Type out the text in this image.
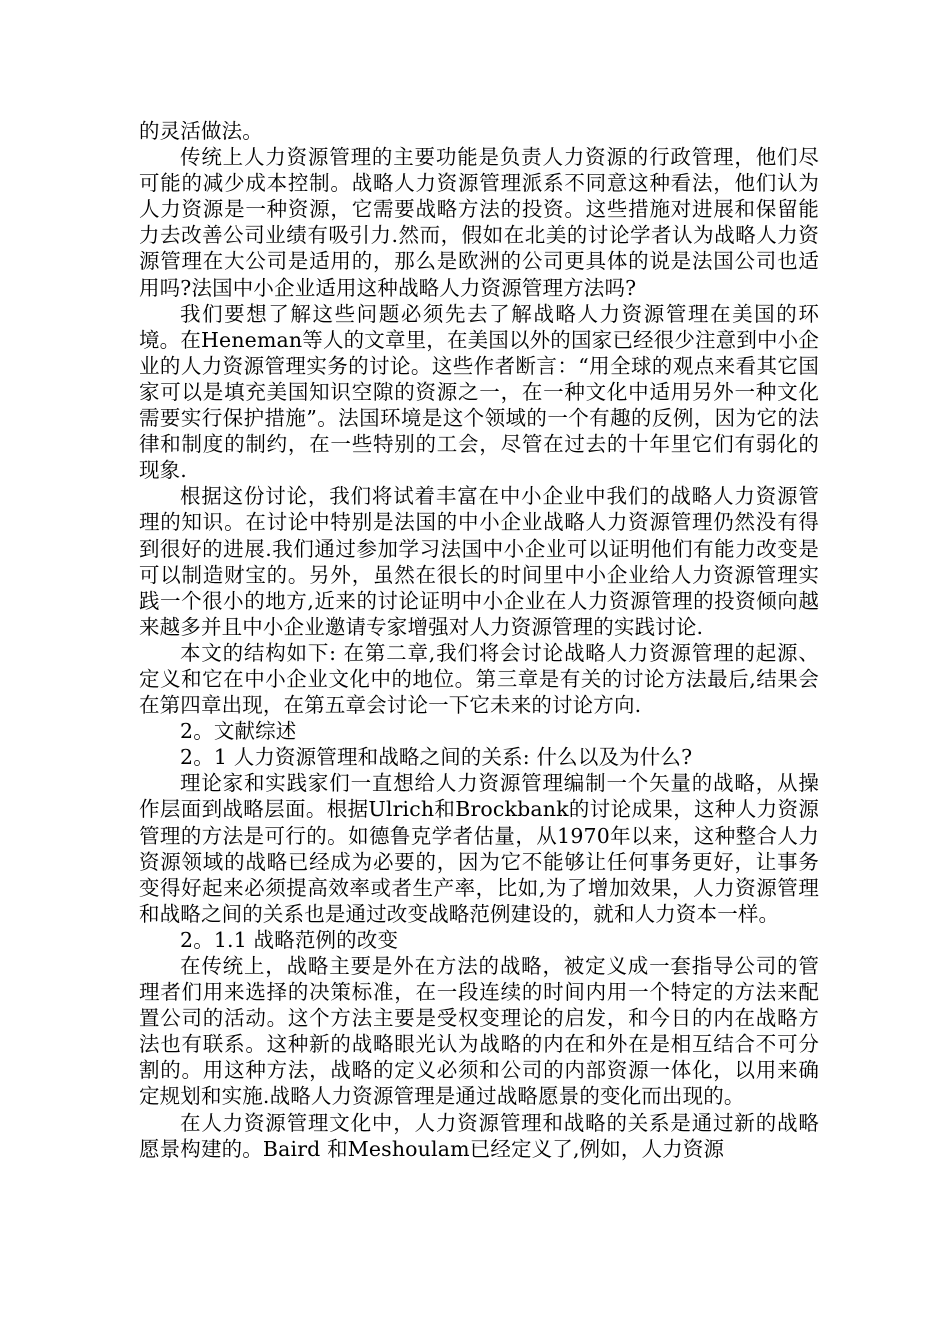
的灵活做法。

传统上人力资源管理的主要功能是负责人力资源的行政管理，他们尽可能的减少成本控制。战略人力资源管理派系不同意这种看法，他们认为人力资源是一种资源，它需要战略方法的投资。这些措施对进展和保留能力去改善公司业绩有吸引力.然而，假如在北美的讨论学者认为战略人力资源管理在大公司是适用的，那么是欧洲的公司更具体的说是法国公司也适用吗?法国中小企业适用这种战略人力资源管理方法吗?

我们要想了解这些问题必须先去了解战略人力资源管理在美国的环境。在Heneman等人的文章里，在美国以外的国家已经很少注意到中小企业的人力资源管理实务的讨论。这些作者断言：“用全球的观点来看其它国家可以是填充美国知识空隙的资源之一，在一种文化中适用另外一种文化需要实行保护措施”。法国环境是这个领域的一个有趣的反例，因为它的法律和制度的制约，在一些特别的工会，尽管在过去的十年里它们有弱化的现象.

根据这份讨论，我们将试着丰富在中小企业中我们的战略人力资源管理的知识。在讨论中特别是法国的中小企业战略人力资源管理仍然没有得到很好的进展.我们通过参加学习法国中小企业可以证明他们有能力改变是可以制造财宝的。另外，虽然在很长的时间里中小企业给人力资源管理实践一个很小的地方,近来的讨论证明中小企业在人力资源管理的投资倾向越来越多并且中小企业邀请专家增强对人力资源管理的实践讨论.

本文的结构如下: 在第二章,我们将会讨论战略人力资源管理的起源、定义和它在中小企业文化中的地位。第三章是有关的讨论方法最后,结果会在第四章出现，在第五章会讨论一下它未来的讨论方向.

2。文献综述

2。1 人力资源管理和战略之间的关系: 什么以及为什么?

理论家和实践家们一直想给人力资源管理编制一个矢量的战略，从操作层面到战略层面。根据Ulrich和Brockbank的讨论成果，这种人力资源管理的方法是可行的。如德鲁克学者估量，从1970年以来，这种整合人力资源领域的战略已经成为必要的，因为它不能够让任何事务更好，让事务变得好起来必须提高效率或者生产率，比如,为了增加效果，人力资源管理和战略之间的关系也是通过改变战略范例建设的，就和人力资本一样。

2。1.1 战略范例的改变

在传统上，战略主要是外在方法的战略，被定义成一套指导公司的管理者们用来选择的决策标准，在一段连续的时间内用一个特定的方法来配置公司的活动。这个方法主要是受权变理论的启发，和今日的内在战略方法也有联系。这种新的战略眼光认为战略的内在和外在是相互结合不可分割的。用这种方法，战略的定义必须和公司的内部资源一体化，以用来确定规划和实施.战略人力资源管理是通过战略愿景的变化而出现的。

在人力资源管理文化中，人力资源管理和战略的关系是通过新的战略愿景构建的。Baird 和Meshoulam已经定义了,例如，人力资源
